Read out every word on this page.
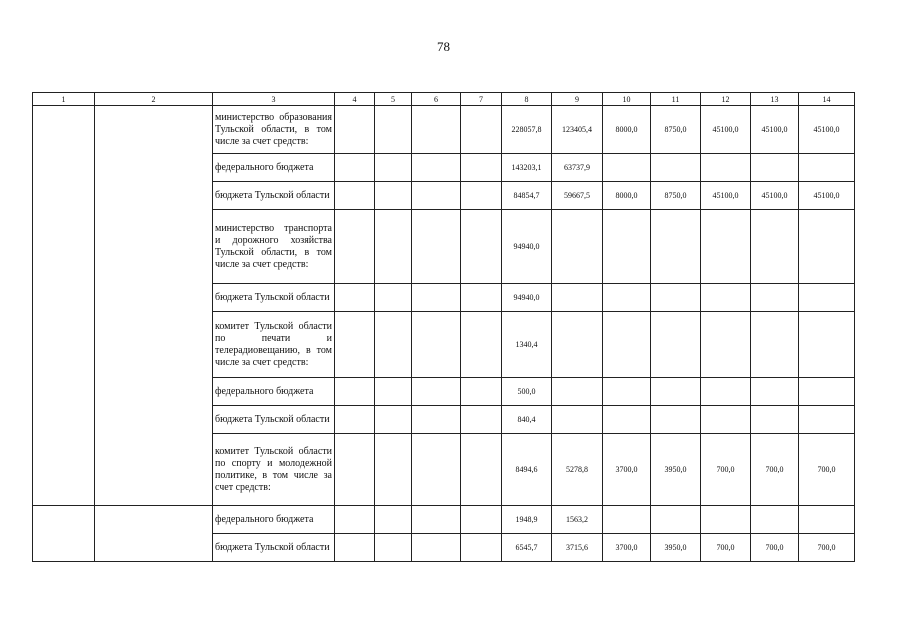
78
1	2	3	4	5	6	7	8	9	10	11	12	13	14
		министерство образования Тульской области, в том числе за счет средств:					228057,8	123405,4	8000,0	8750,0	45100,0	45100,0	45100,0
		федерального бюджета					143203,1	63737,9					
		бюджета Тульской области					84854,7	59667,5	8000,0	8750,0	45100,0	45100,0	45100,0
		министерство транспорта и дорожного хозяйства Тульской области, в том числе за счет средств:					94940,0						
		бюджета Тульской области					94940,0						
		комитет Тульской области по печати и телерадиовещанию, в том числе за счет средств:					1340,4						
		федерального бюджета					500,0						
		бюджета Тульской области					840,4						
		комитет Тульской области по спорту и молодежной политике, в том числе за счет средств:					8494,6	5278,8	3700,0	3950,0	700,0	700,0	700,0
		федерального бюджета					1948,9	1563,2					
		бюджета Тульской области					6545,7	3715,6	3700,0	3950,0	700,0	700,0	700,0
